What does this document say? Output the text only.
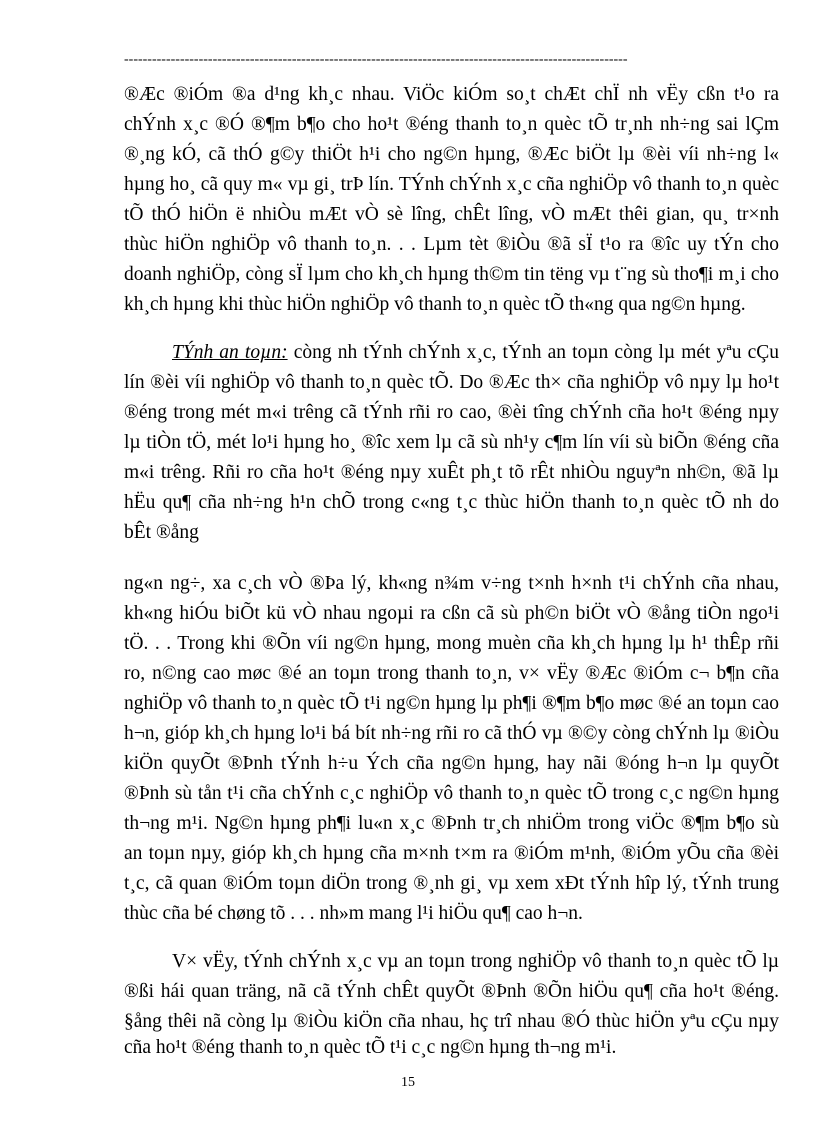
------------------------------------------------------------------------------------------------------------
®Æc ®iÓm ®a d¹ng kh¸c nhau. ViÖc kiÓm so¸t chÆt chÏ nh vËy cßn t¹o ra
chÝnh x¸c ®Ó ®¶m b¶o cho ho¹t ®éng thanh to¸n quèc tÕ tr¸nh nh÷ng sai lÇm
®¸ng kÓ, cã thÓ g©y thiÖt h¹i cho ng©n hµng, ®Æc biÖt lµ ®èi víi nh÷ng l«
hµng ho¸ cã quy m« vµ gi¸ trÞ lín. TÝnh chÝnh x¸c cña nghiÖp vô thanh to¸n quèc
tÕ thÓ hiÖn ë nhiÒu mÆt vÒ sè lîng, chÊt lîng, vÒ mÆt thêi gian, qu¸ tr×nh
thùc hiÖn nghiÖp vô thanh to¸n. . . Lµm tèt ®iÒu ®ã sÏ t¹o ra ®îc uy tÝn cho
doanh nghiÖp, còng sÏ lµm cho kh¸ch hµng th©m tin tëng vµ t¨ng sù tho¶i m¸i cho
kh¸ch hµng khi thùc hiÖn nghiÖp vô thanh to¸n quèc tÕ th«ng qua ng©n hµng.
TÝnh an toµn: còng nh tÝnh chÝnh x¸c, tÝnh an toµn còng lµ mét yªu cÇu
lín ®èi víi nghiÖp vô thanh to¸n quèc tÕ. Do ®Æc th× cña nghiÖp vô nµy lµ ho¹t
®éng trong mét m«i trêng cã tÝnh rñi ro cao, ®èi tîng chÝnh cña ho¹t ®éng nµy
lµ tiÒn tÖ, mét lo¹i hµng ho¸ ®îc xem lµ cã sù nh¹y c¶m lín víi sù biÕn ®éng cña
m«i trêng. Rñi ro cña ho¹t ®éng nµy xuÊt ph¸t tõ rÊt nhiÒu nguyªn nh©n, ®ã lµ
hËu qu¶ cña nh÷ng h¹n chÕ trong c«ng t¸c thùc hiÖn thanh to¸n quèc tÕ nh do
bÊt ®ång
ng«n ng÷, xa c¸ch vÒ ®Þa lý, kh«ng n¾m v÷ng t×nh h×nh t¹i chÝnh cña nhau,
kh«ng hiÓu biÕt kü vÒ nhau ngoµi ra cßn cã sù ph©n biÖt vÒ ®ång tiÒn ngo¹i
tÖ. . . Trong khi ®Õn víi ng©n hµng, mong muèn cña kh¸ch hµng lµ h¹ thÊp rñi
ro, n©ng cao møc ®é an toµn trong thanh to¸n, v× vËy ®Æc ®iÓm c¬ b¶n cña
nghiÖp vô thanh to¸n quèc tÕ t¹i ng©n hµng lµ ph¶i ®¶m b¶o møc ®é an toµn cao
h¬n, gióp kh¸ch hµng lo¹i bá bít nh÷ng rñi ro cã thÓ vµ ®©y còng chÝnh lµ ®iÒu
kiÖn quyÕt ®Þnh tÝnh h÷u Ých cña ng©n hµng, hay nãi ®óng h¬n lµ quyÕt
®Þnh sù tån t¹i cña chÝnh c¸c nghiÖp vô thanh to¸n quèc tÕ trong c¸c ng©n hµng
th¬ng m¹i. Ng©n hµng ph¶i lu«n x¸c ®Þnh tr¸ch nhiÖm trong viÖc ®¶m b¶o sù
an toµn nµy, gióp kh¸ch hµng cña m×nh t×m ra ®iÓm m¹nh, ®iÓm yÕu cña ®èi
t¸c, cã quan ®iÓm toµn diÖn trong ®¸nh gi¸ vµ xem xÐt tÝnh hîp lý, tÝnh trung
thùc cña bé chøng tõ . . . nh»m mang l¹i hiÖu qu¶ cao h¬n.
V× vËy, tÝnh chÝnh x¸c vµ an toµn trong nghiÖp vô thanh to¸n quèc tÕ lµ
®ßi hái quan träng, nã cã tÝnh chÊt quyÕt ®Þnh ®Õn hiÖu qu¶ cña ho¹t ®éng.
§ång thêi nã còng lµ ®iÒu kiÖn cña nhau, hç trî nhau ®Ó thùc hiÖn yªu cÇu nµy
cña ho¹t ®éng thanh to¸n quèc tÕ t¹i c¸c ng©n hµng th¬ng m¹i.
15
